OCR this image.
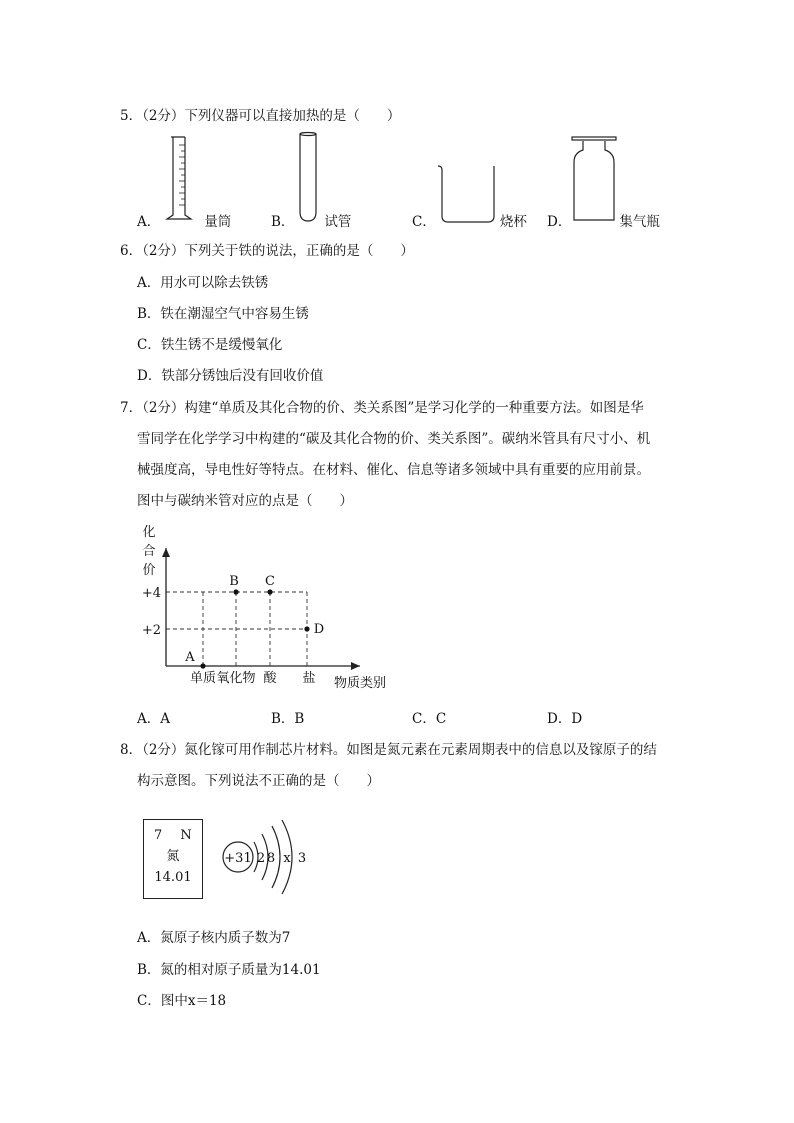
5．（2分）下列仪器可以直接加热的是（　　）
A．	量筒	B． 试管	C．	烧杯 D．	集气瓶
6．（2分）下列关于铁的说法，正确的是（　　）
A．用水可以除去铁锈
B．铁在潮湿空气中容易生锈
C．铁生锈不是缓慢氧化
D．铁部分锈蚀后没有回收价值
7．（2分）构建“单质及其化合物的价、类关系图”是学习化学的一种重要方法。如图是华
雪同学在化学学习中构建的“碳及其化合物的价、类关系图”。碳纳米管具有尺寸小、机
械强度高，导电性好等特点。在材料、催化、信息等诸多领域中具有重要的应用前景。
图中与碳纳米管对应的点是（　　）
化
合
价
物质类别
+4
+2
单质 氧化物 酸 盐
A
B C
D
A．A	B．B	C．C	D．D
8．（2分）氮化镓可用作制芯片材料。如图是氮元素在元素周期表中的信息以及镓原子的结
构示意图。下列说法不正确的是（　　）
7 N
氮
14.01
+31 2 8 x 3
A．氮原子核内质子数为7
B．氮的相对原子质量为14.01
C．图中x＝18
